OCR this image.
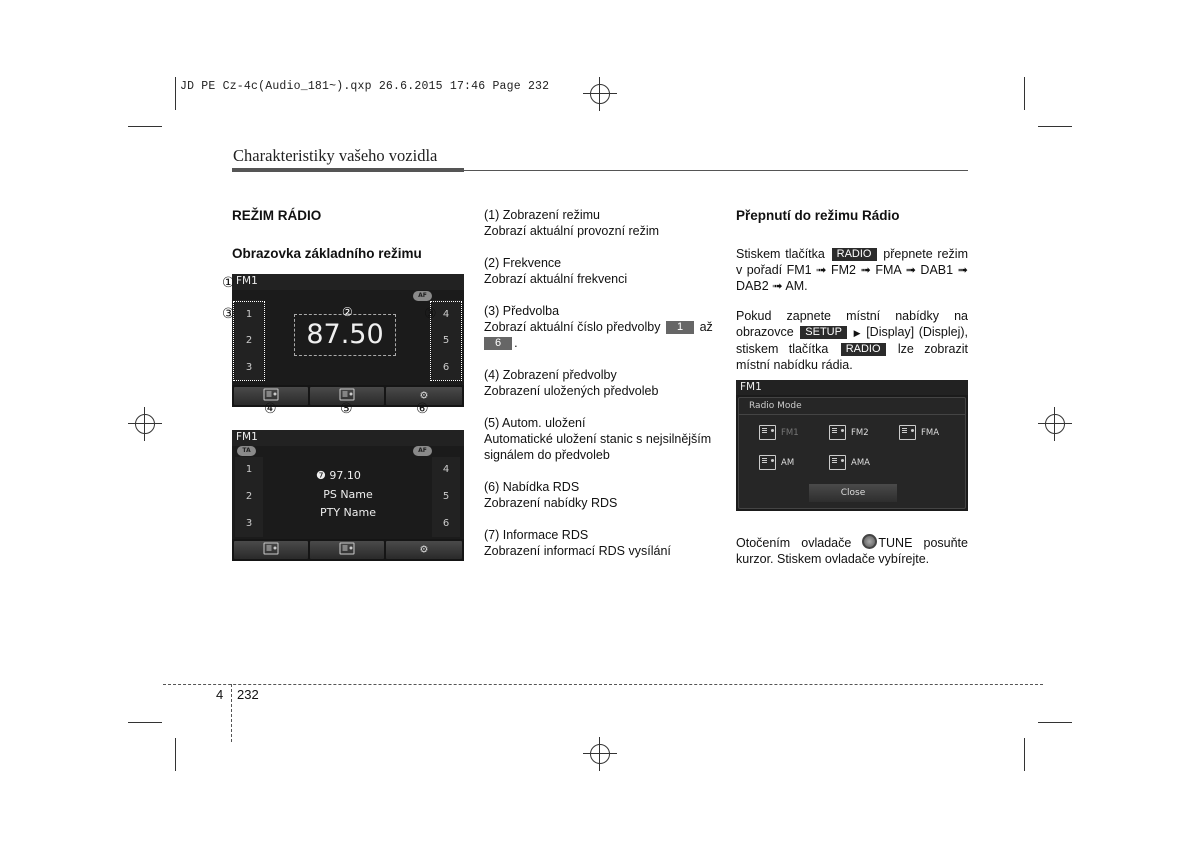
JD PE Cz-4c(Audio_181~).qxp 26.6.2015 17:46 Page 232
Charakteristiky vašeho vozidla
REŽIM RÁDIO
Obrazovka základního režimu
FM1
AF
1
2
3
4
5
6
87.50
⚙
①
②
③	③
④	⑤	⑥
FM1
TA	AF
1
2
3
4
5
6
❼ 97.10
PS Name
PTY Name
⚙

(1) Zobrazení režimu
Zobrazí aktuální provozní režim

(2) Frekvence
Zobrazí aktuální frekvenci

(3) Předvolba
Zobrazí aktuální číslo předvolby 1 až
6 .

(4) Zobrazení předvolby
Zobrazení uložených předvoleb

(5) Autom. uložení
Automatické uložení stanic s nejsilnějším signálem do předvoleb

(6) Nabídka RDS
Zobrazení nabídky RDS

(7) Informace RDS
Zobrazení informací RDS vysílání

Přepnutí do režimu Rádio
Stiskem tlačítka RADIO přepnete režim v pořadí FM1 ➟ FM2 ➟ FMA ➟ DAB1 ➟ DAB2 ➟ AM.
Pokud zapnete místní nabídky na obrazovce SETUP ▶ [Display] (Displej), stiskem tlačítka RADIO lze zobrazit místní nabídku rádia.
FM1
Radio Mode
FM1	FM2	FMA
AM	AMA
Close
Otočením ovladače TUNE posuňte kurzor. Stiskem ovladače vybírejte.
4 232
